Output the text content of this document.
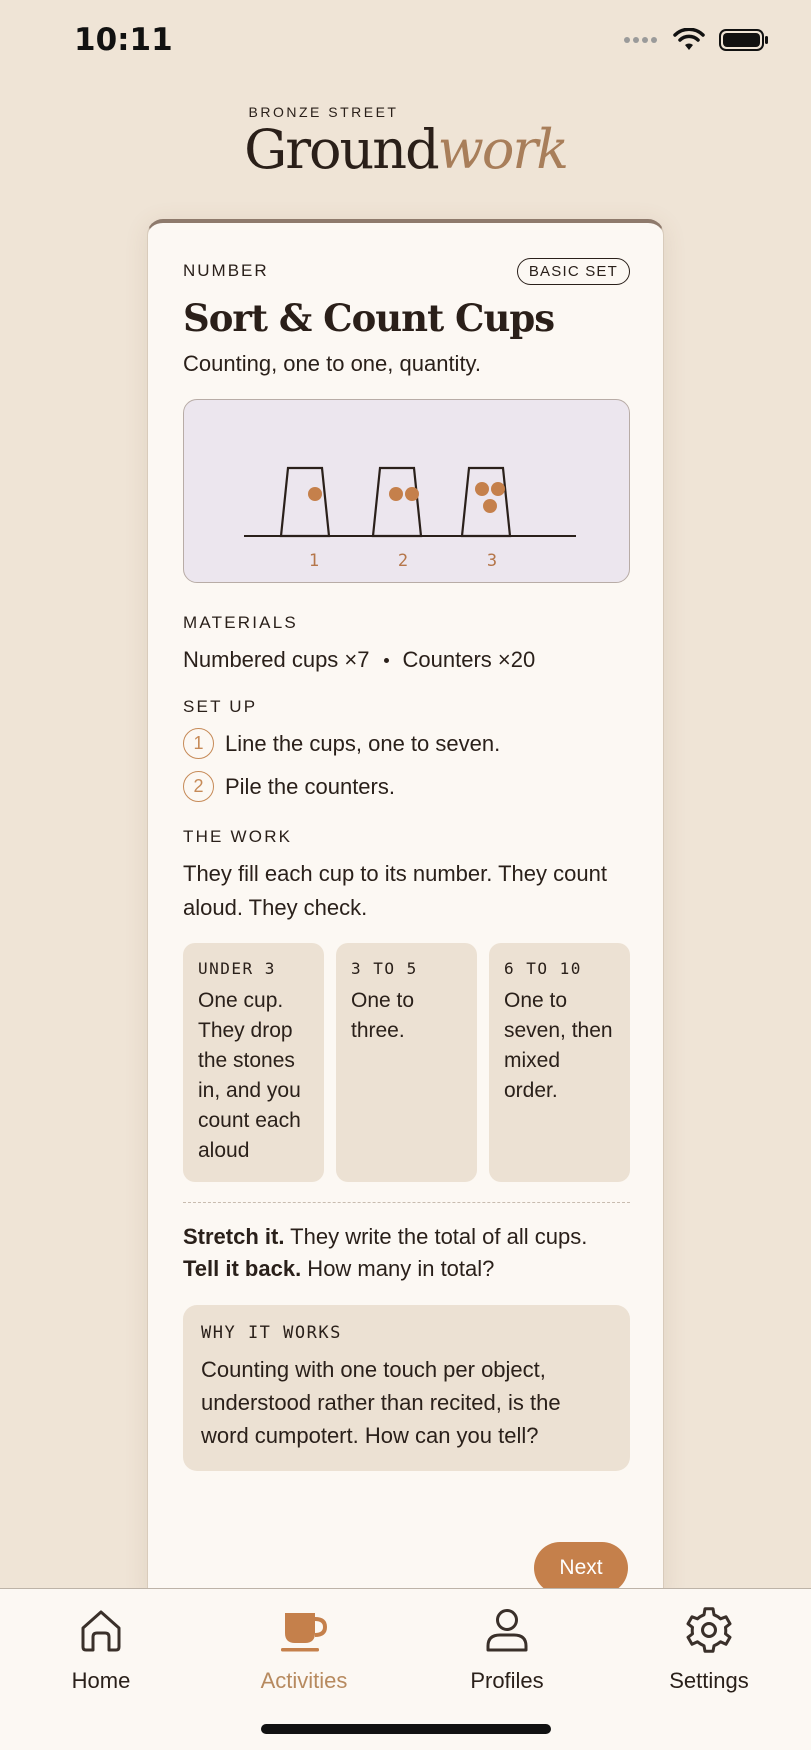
10:11
BRONZE STREET
Groundwork
NUMBER	BASIC SET
Sort & Count Cups
Counting, one to one, quantity.
1	2	3
MATERIALS
Numbered cups ×7 Counters ×20
SET UP
1 Line the cups, one to seven.
2 Pile the counters.
THE WORK
They fill each cup to its number. They count aloud. They check.
UNDER 3
One cup. They drop the stones in, and you count each aloud
3 TO 5
One to three.
6 TO 10
One to seven, then mixed order.
Stretch it. They write the total of all cups.
Tell it back. How many in total?
WHY IT WORKS
Counting with one touch per object, understood rather than recited, is the word cumpotert. How can you tell?
Next
Home	Activities	Profiles	Settings
